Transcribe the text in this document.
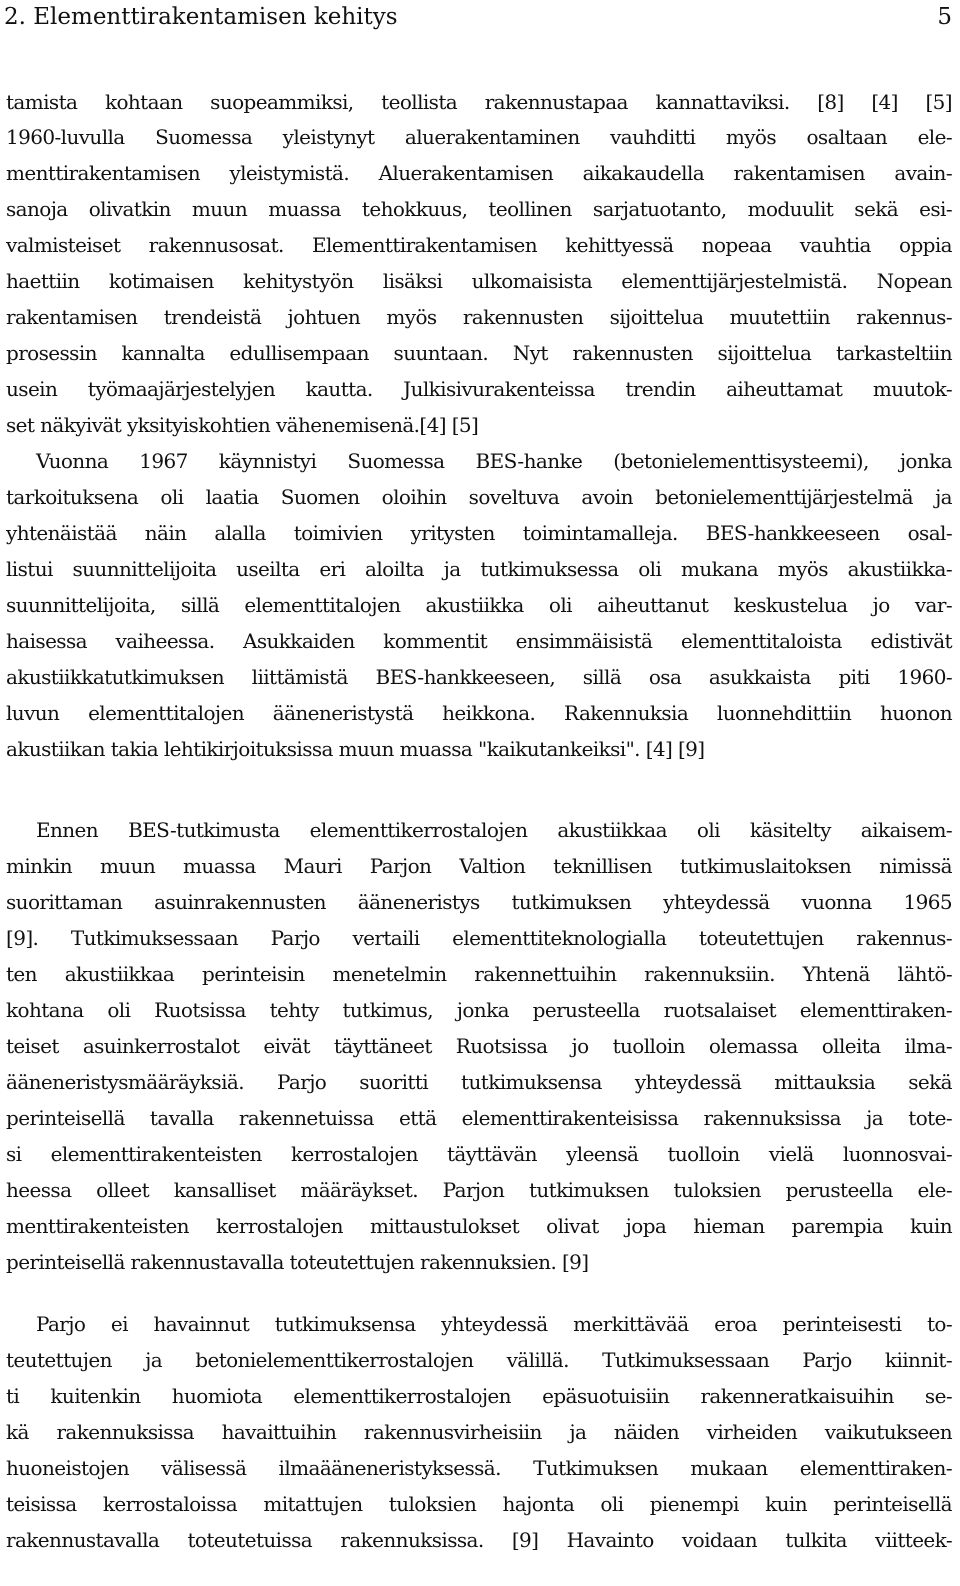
2. Elementtirakentamisen kehitys	5
tamista kohtaan suopeammiksi, teollista rakennustapaa kannattaviksi. [8] [4] [5]
1960-luvulla Suomessa yleistynyt aluerakentaminen vauhditti myös osaltaan ele-
menttirakentamisen yleistymistä. Aluerakentamisen aikakaudella rakentamisen avain-
sanoja olivatkin muun muassa tehokkuus, teollinen sarjatuotanto, moduulit sekä esi-
valmisteiset rakennusosat. Elementtirakentamisen kehittyessä nopeaa vauhtia oppia
haettiin kotimaisen kehitystyön lisäksi ulkomaisista elementtijärjestelmistä. Nopean
rakentamisen trendeistä johtuen myös rakennusten sijoittelua muutettiin rakennus-
prosessin kannalta edullisempaan suuntaan. Nyt rakennusten sijoittelua tarkasteltiin
usein työmaajärjestelyjen kautta. Julkisivurakenteissa trendin aiheuttamat muutok-
set näkyivät yksityiskohtien vähenemisenä.[4] [5]
Vuonna 1967 käynnistyi Suomessa BES-hanke (betonielementtisysteemi), jonka
tarkoituksena oli laatia Suomen oloihin soveltuva avoin betonielementtijärjestelmä ja
yhtenäistää näin alalla toimivien yritysten toimintamalleja. BES-hankkeeseen osal-
listui suunnittelijoita useilta eri aloilta ja tutkimuksessa oli mukana myös akustiikka-
suunnittelijoita, sillä elementtitalojen akustiikka oli aiheuttanut keskustelua jo var-
haisessa vaiheessa. Asukkaiden kommentit ensimmäisistä elementtitaloista edistivät
akustiikkatutkimuksen liittämistä BES-hankkeeseen, sillä osa asukkaista piti 1960-
luvun elementtitalojen ääneneristystä heikkona. Rakennuksia luonnehdittiin huonon
akustiikan takia lehtikirjoituksissa muun muassa "kaikutankeiksi". [4] [9]
Ennen BES-tutkimusta elementtikerrostalojen akustiikkaa oli käsitelty aikaisem-
minkin muun muassa Mauri Parjon Valtion teknillisen tutkimuslaitoksen nimissä
suorittaman asuinrakennusten ääneneristys tutkimuksen yhteydessä vuonna 1965
[9]. Tutkimuksessaan Parjo vertaili elementtiteknologialla toteutettujen rakennus-
ten akustiikkaa perinteisin menetelmin rakennettuihin rakennuksiin. Yhtenä lähtö-
kohtana oli Ruotsissa tehty tutkimus, jonka perusteella ruotsalaiset elementtiraken-
teiset asuinkerrostalot eivät täyttäneet Ruotsissa jo tuolloin olemassa olleita ilma-
ääneneristysmääräyksiä. Parjo suoritti tutkimuksensa yhteydessä mittauksia sekä
perinteisellä tavalla rakennetuissa että elementtirakenteisissa rakennuksissa ja tote-
si elementtirakenteisten kerrostalojen täyttävän yleensä tuolloin vielä luonnosvai-
heessa olleet kansalliset määräykset. Parjon tutkimuksen tuloksien perusteella ele-
menttirakenteisten kerrostalojen mittaustulokset olivat jopa hieman parempia kuin
perinteisellä rakennustavalla toteutettujen rakennuksien. [9]
Parjo ei havainnut tutkimuksensa yhteydessä merkittävää eroa perinteisesti to-
teutettujen ja betonielementtikerrostalojen välillä. Tutkimuksessaan Parjo kiinnit-
ti kuitenkin huomiota elementtikerrostalojen epäsuotuisiin rakenneratkaisuihin se-
kä rakennuksissa havaittuihin rakennusvirheisiin ja näiden virheiden vaikutukseen
huoneistojen välisessä ilmaääneneristyksessä. Tutkimuksen mukaan elementtiraken-
teisissa kerrostaloissa mitattujen tuloksien hajonta oli pienempi kuin perinteisellä
rakennustavalla toteutetuissa rakennuksissa. [9] Havainto voidaan tulkita viitteek-
